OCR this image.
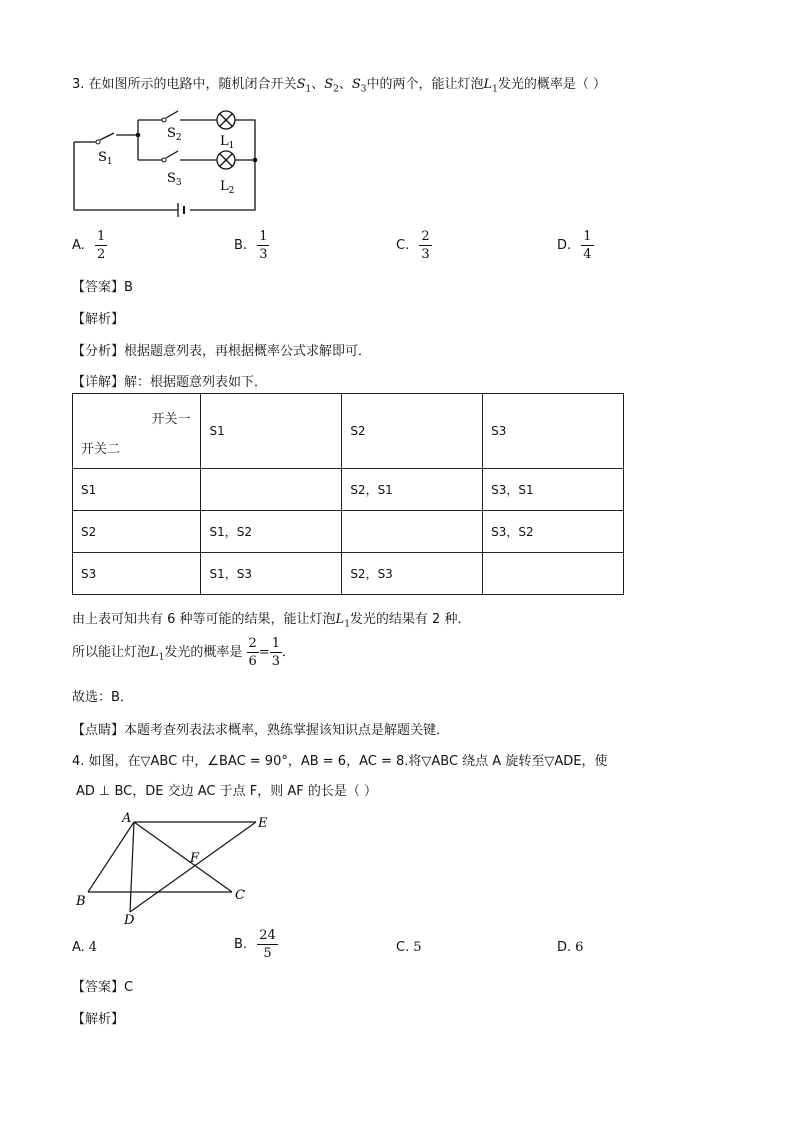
3. 在如图所示的电路中，随机闭合开关$S_1$、$S_2$、$S_3$中的两个，能让灯泡$L_1$发光的概率是（ ）
$S_1$
$S_2$
$S_3$
$L_1$
$L_2$
A. $\frac{1}{2}$	B. $\frac{1}{3}$	C. $\frac{2}{3}$	D. $\frac{1}{4}$
【答案】B
【解析】
【分析】根据题意列表，再根据概率公式求解即可．
【详解】解：根据题意列表如下．
开关一
开关二	S1	S2	S3
S1		S2，S1	S3，S1
S2	S1，S2		S3，S2
S3	S1，S3	S2，S3	
由上表可知共有 6 种等可能的结果，能让灯泡$L_1$发光的结果有 2 种．
所以能让灯泡$L_1$发光的概率是 $\frac{2}{6} = \frac{1}{3}$ ．
故选：B．
【点睛】本题考查列表法求概率，熟练掌握该知识点是解题关键．
4. 如图，在▽ABC 中，∠BAC = 90°，AB = 6，AC = 8.将▽ABC 绕点 A 旋转至▽ADE，使
AD ⊥ BC，DE 交边 AC 于点 F，则 AF 的长是（ ）
A
B	C
D
E
F
A. 4	B. $\frac{24}{5}$	C. 5	D. 6
【答案】C
【解析】
